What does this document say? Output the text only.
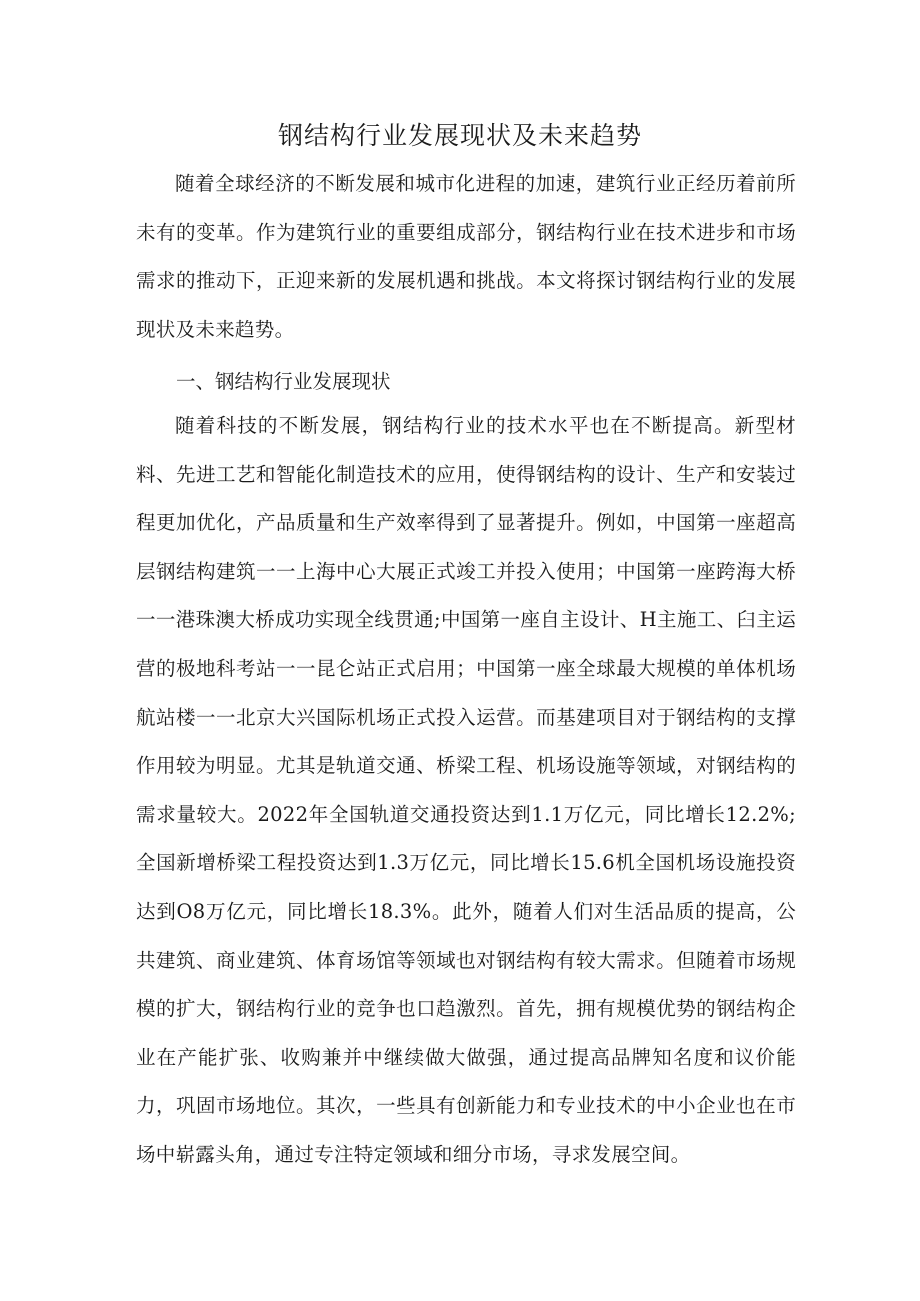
钢结构行业发展现状及未来趋势

随着全球经济的不断发展和城市化进程的加速，建筑行业正经历着前所未有的变革。作为建筑行业的重要组成部分，钢结构行业在技术进步和市场需求的推动下，正迎来新的发展机遇和挑战。本文将探讨钢结构行业的发展现状及未来趋势。

一、钢结构行业发展现状

随着科技的不断发展，钢结构行业的技术水平也在不断提高。新型材料、先进工艺和智能化制造技术的应用，使得钢结构的设计、生产和安装过程更加优化，产品质量和生产效率得到了显著提升。例如，中国第一座超高层钢结构建筑一一上海中心大展正式竣工并投入使用；中国第一座跨海大桥一一港珠澳大桥成功实现全线贯通;中国第一座自主设计、H主施工、臼主运营的极地科考站一一昆仑站正式启用；中国第一座全球最大规模的单体机场航站楼一一北京大兴国际机场正式投入运营。而基建项目对于钢结构的支撑作用较为明显。尤其是轨道交通、桥梁工程、机场设施等领域，对钢结构的需求量较大。2022年全国轨道交通投资达到1.1万亿元，同比增长12.2%;全国新增桥梁工程投资达到1.3万亿元，同比增长15.6机全国机场设施投资达到O8万亿元，同比增长18.3%。此外，随着人们对生活品质的提高，公共建筑、商业建筑、体育场馆等领域也对钢结构有较大需求。但随着市场规模的扩大，钢结构行业的竞争也口趋激烈。首先，拥有规模优势的钢结构企业在产能扩张、收购兼并中继续做大做强，通过提高品牌知名度和议价能力，巩固市场地位。其次，一些具有创新能力和专业技术的中小企业也在市场中崭露头角，通过专注特定领域和细分市场，寻求发展空间。
